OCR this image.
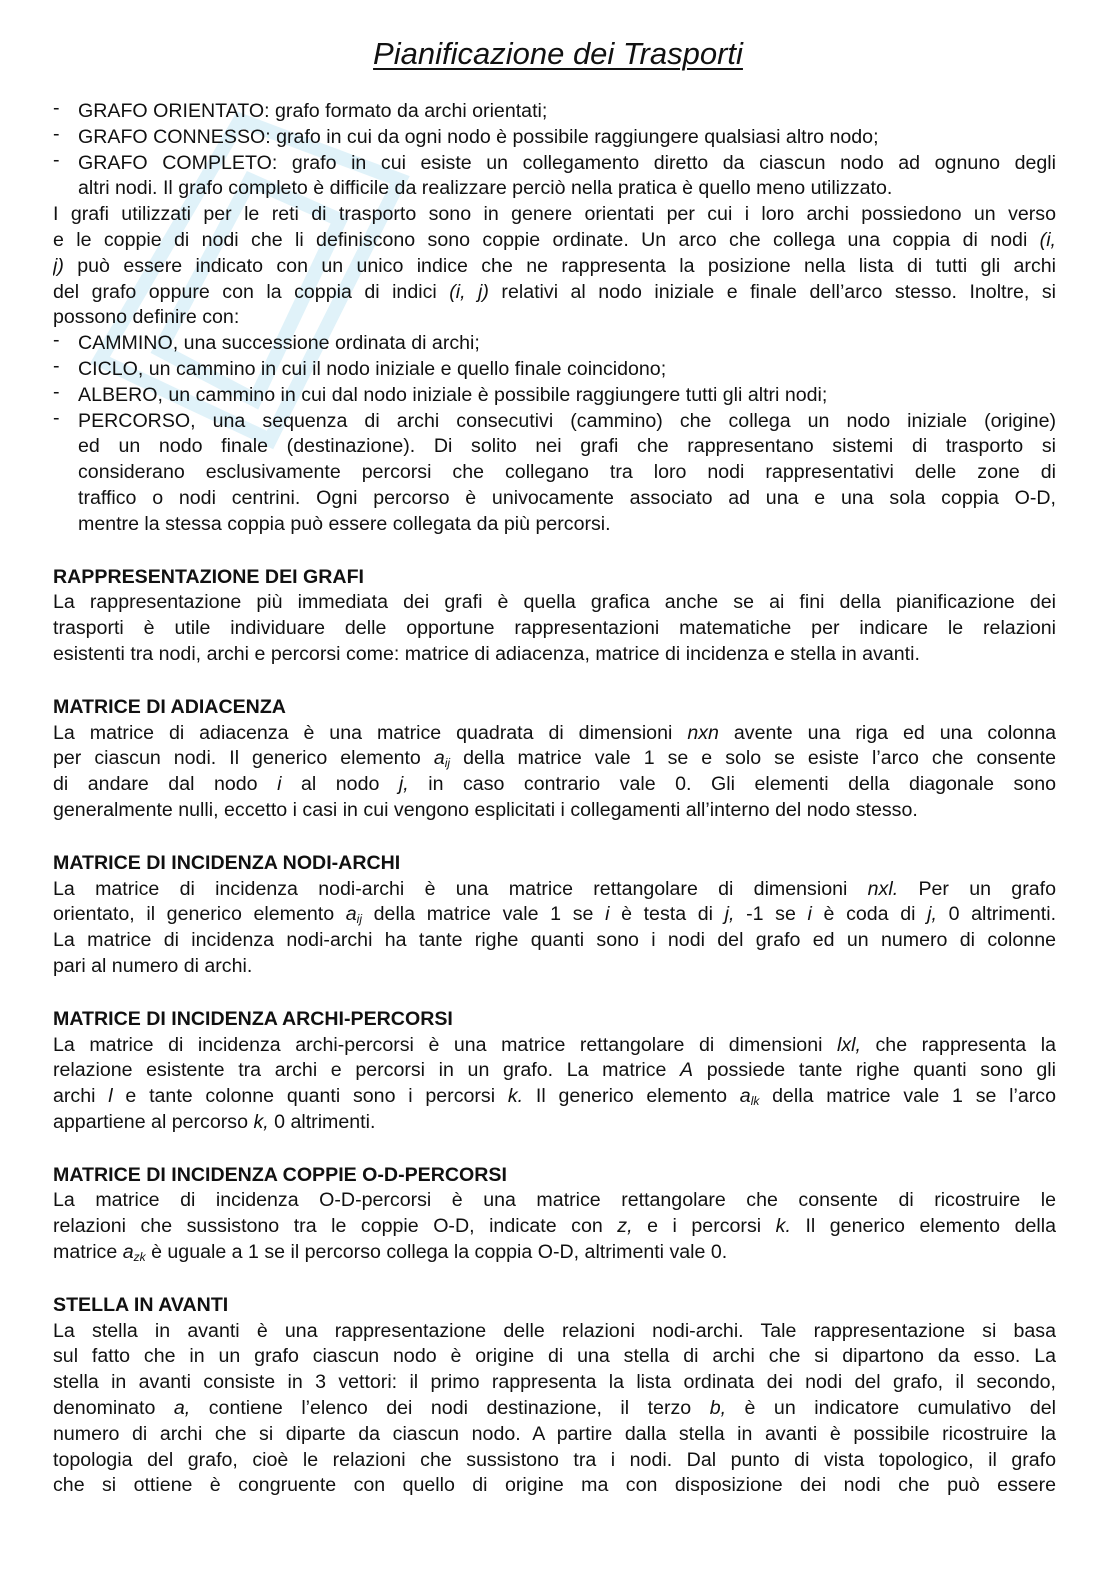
Pianificazione dei Trasporti
- GRAFO ORIENTATO: grafo formato da archi orientati;
- GRAFO CONNESSO: grafo in cui da ogni nodo è possibile raggiungere qualsiasi altro nodo;
- GRAFO COMPLETO: grafo in cui esiste un collegamento diretto da ciascun nodo ad ognuno degli
altri nodi. Il grafo completo è difficile da realizzare perciò nella pratica è quello meno utilizzato.
I grafi utilizzati per le reti di trasporto sono in genere orientati per cui i loro archi possiedono un verso
e le coppie di nodi che li definiscono sono coppie ordinate. Un arco che collega una coppia di nodi (i,
j) può essere indicato con un unico indice che ne rappresenta la posizione nella lista di tutti gli archi
del grafo oppure con la coppia di indici (i, j) relativi al nodo iniziale e finale dell’arco stesso. Inoltre, si
possono definire con:
- CAMMINO, una successione ordinata di archi;
- CICLO, un cammino in cui il nodo iniziale e quello finale coincidono;
- ALBERO, un cammino in cui dal nodo iniziale è possibile raggiungere tutti gli altri nodi;
- PERCORSO, una sequenza di archi consecutivi (cammino) che collega un nodo iniziale (origine)
ed un nodo finale (destinazione). Di solito nei grafi che rappresentano sistemi di trasporto si
considerano esclusivamente percorsi che collegano tra loro nodi rappresentativi delle zone di
traffico o nodi centrini. Ogni percorso è univocamente associato ad una e una sola coppia O-D,
mentre la stessa coppia può essere collegata da più percorsi.
RAPPRESENTAZIONE DEI GRAFI
La rappresentazione più immediata dei grafi è quella grafica anche se ai fini della pianificazione dei
trasporti è utile individuare delle opportune rappresentazioni matematiche per indicare le relazioni
esistenti tra nodi, archi e percorsi come: matrice di adiacenza, matrice di incidenza e stella in avanti.
MATRICE DI ADIACENZA
La matrice di adiacenza è una matrice quadrata di dimensioni nxn avente una riga ed una colonna
per ciascun nodi. Il generico elemento $a_{ij}$ della matrice vale 1 se e solo se esiste l’arco che consente
di andare dal nodo i al nodo j, in caso contrario vale 0. Gli elementi della diagonale sono
generalmente nulli, eccetto i casi in cui vengono esplicitati i collegamenti all’interno del nodo stesso.
MATRICE DI INCIDENZA NODI-ARCHI
La matrice di incidenza nodi-archi è una matrice rettangolare di dimensioni nxl. Per un grafo
orientato, il generico elemento $a_{ij}$ della matrice vale 1 se i è testa di j, -1 se i è coda di j, 0 altrimenti.
La matrice di incidenza nodi-archi ha tante righe quanti sono i nodi del grafo ed un numero di colonne
pari al numero di archi.
MATRICE DI INCIDENZA ARCHI-PERCORSI
La matrice di incidenza archi-percorsi è una matrice rettangolare di dimensioni lxl, che rappresenta la
relazione esistente tra archi e percorsi in un grafo. La matrice A possiede tante righe quanti sono gli
archi l e tante colonne quanti sono i percorsi k. Il generico elemento $a_{lk}$ della matrice vale 1 se l’arco
appartiene al percorso k, 0 altrimenti.
MATRICE DI INCIDENZA COPPIE O-D-PERCORSI
La matrice di incidenza O-D-percorsi è una matrice rettangolare che consente di ricostruire le
relazioni che sussistono tra le coppie O-D, indicate con z, e i percorsi k. Il generico elemento della
matrice $a_{zk}$ è uguale a 1 se il percorso collega la coppia O-D, altrimenti vale 0.
STELLA IN AVANTI
La stella in avanti è una rappresentazione delle relazioni nodi-archi. Tale rappresentazione si basa
sul fatto che in un grafo ciascun nodo è origine di una stella di archi che si dipartono da esso. La
stella in avanti consiste in 3 vettori: il primo rappresenta la lista ordinata dei nodi del grafo, il secondo,
denominato a, contiene l’elenco dei nodi destinazione, il terzo b, è un indicatore cumulativo del
numero di archi che si diparte da ciascun nodo. A partire dalla stella in avanti è possibile ricostruire la
topologia del grafo, cioè le relazioni che sussistono tra i nodi. Dal punto di vista topologico, il grafo
che si ottiene è congruente con quello di origine ma con disposizione dei nodi che può essere
